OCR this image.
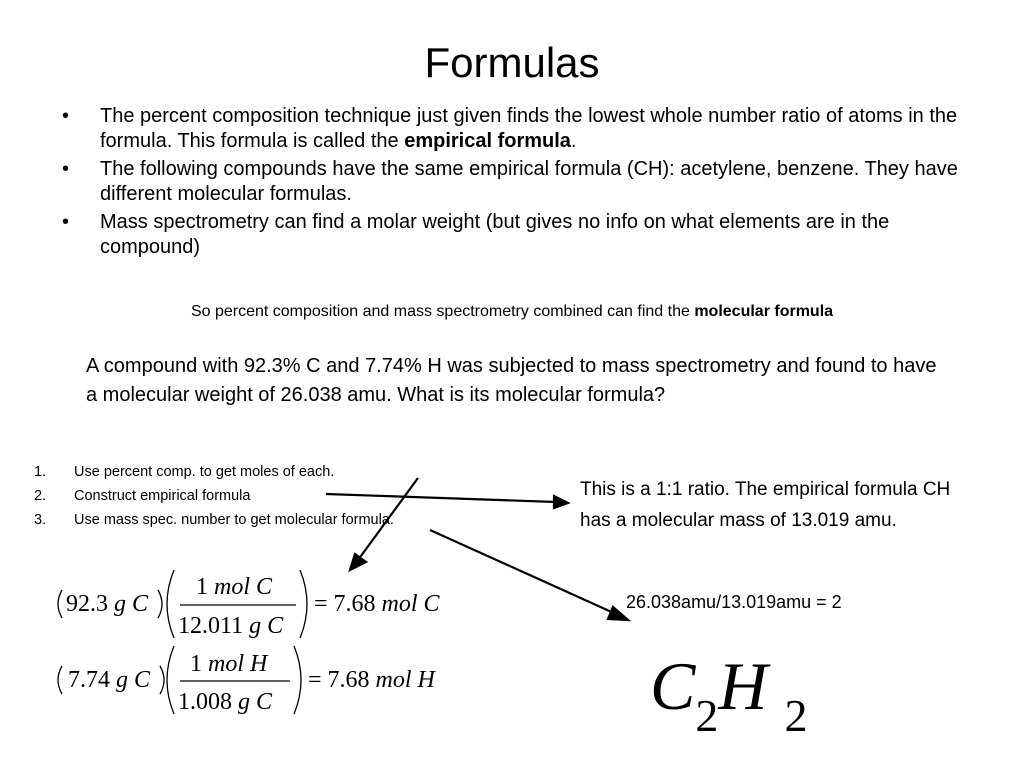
Formulas
• The percent composition technique just given finds the lowest whole number ratio of atoms in the formula. This formula is called the empirical formula.
• The following compounds have the same empirical formula (CH): acetylene, benzene. They have different molecular formulas.
• Mass spectrometry can find a molar weight (but gives no info on what elements are in the compound)
So percent composition and mass spectrometry combined can find the molecular formula
A compound with 92.3% C and 7.74% H was subjected to mass spectrometry and found to have a molecular weight of 26.038 amu. What is its molecular formula?
1. Use percent comp. to get moles of each.
2. Construct empirical formula
3. Use mass spec. number to get molecular formula.
This is a 1:1 ratio. The empirical formula CH has a molecular mass of 13.019 amu.
26.038amu/13.019amu = 2
92.3 g C
1 mol C
12.011 g C
= 7.68 mol C
7.74 g C
1 mol H
1.008 g C
= 7.68 mol H	$C_2H$ $_2$
